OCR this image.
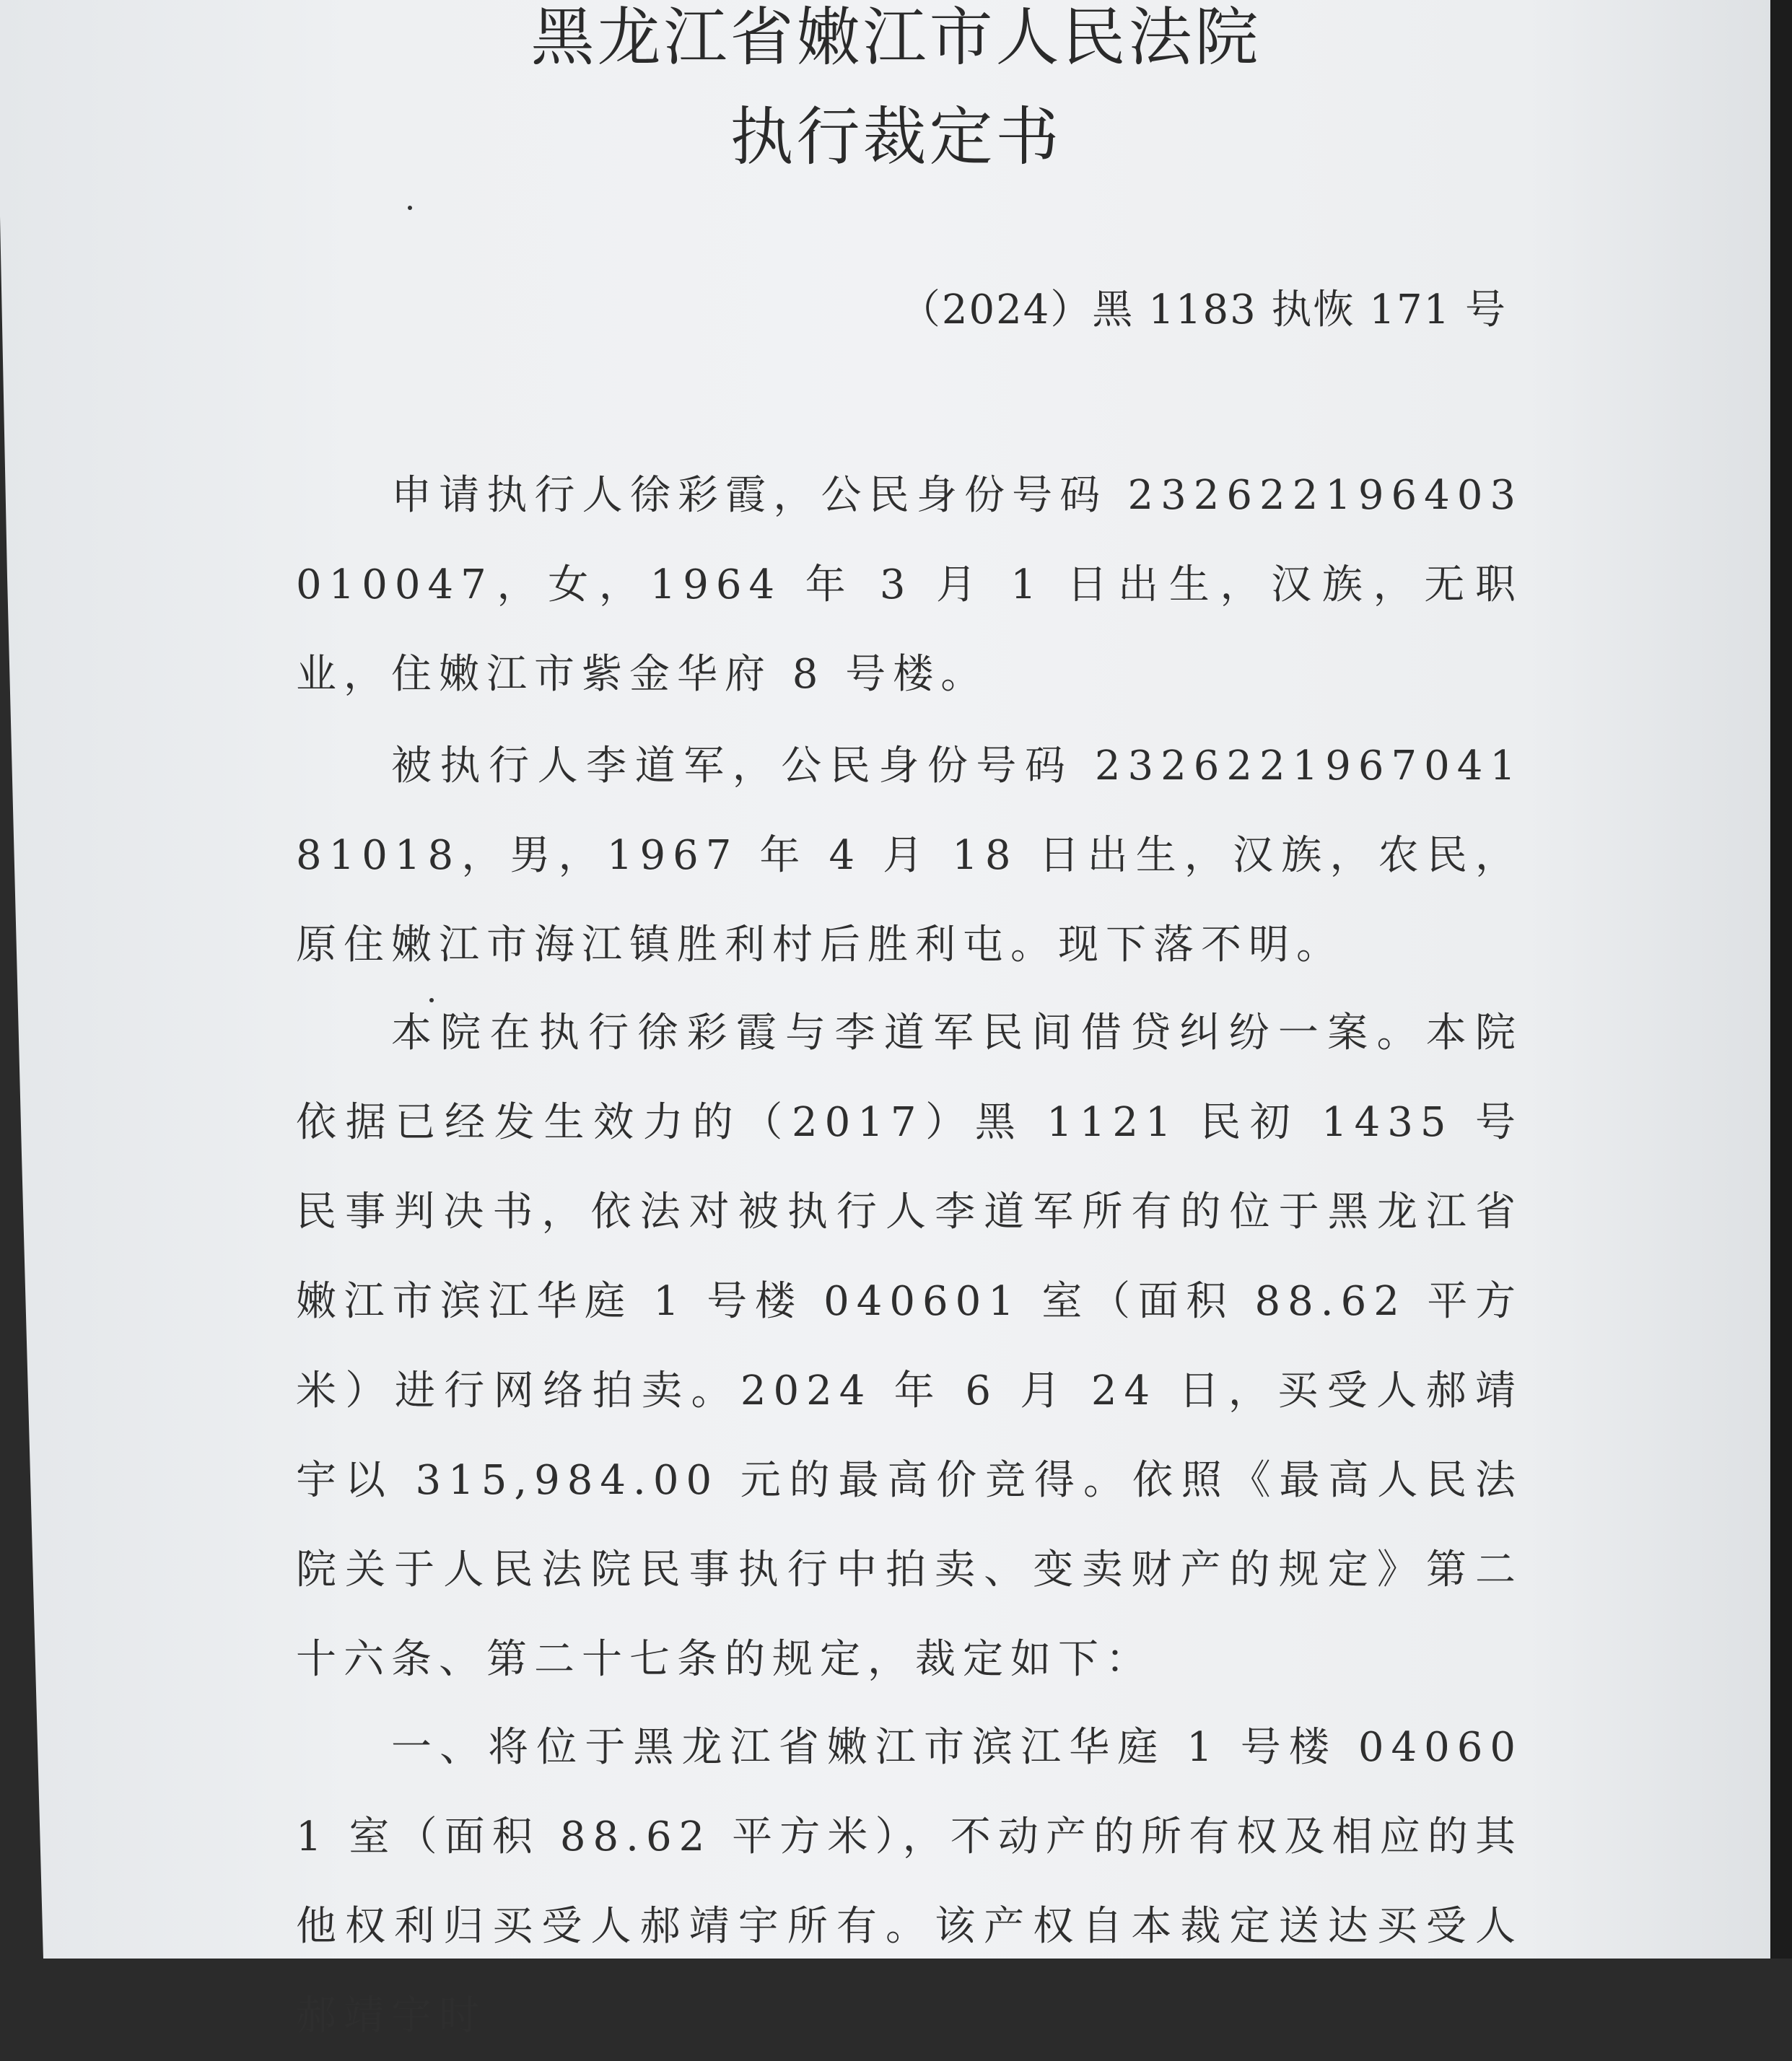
黑龙江省嫩江市人民法院
执行裁定书
（2024）黑 1183 执恢 171 号

申请执行人徐彩霞，公民身份号码 232622196403010047，女，1964 年 3 月 1 日出生，汉族，无职业，住嫩江市紫金华府 8 号楼。

被执行人李道军，公民身份号码 232622196704181018，男，1967 年 4 月 18 日出生，汉族，农民，原住嫩江市海江镇胜利村后胜利屯。现下落不明。

本院在执行徐彩霞与李道军民间借贷纠纷一案。本院依据已经发生效力的（2017）黑 1121 民初 1435 号民事判决书，依法对被执行人李道军所有的位于黑龙江省嫩江市滨江华庭 1 号楼 040601 室（面积 88.62 平方米）进行网络拍卖。2024 年 6 月 24 日，买受人郝靖宇以 315,984.00 元的最高价竞得。依照《最高人民法院关于人民法院民事执行中拍卖、变卖财产的规定》第二十六条、第二十七条的规定，裁定如下：

一、将位于黑龙江省嫩江市滨江华庭 1 号楼 040601 室（面积 88.62 平方米），不动产的所有权及相应的其他权利归买受人郝靖宇所有。该产权自本裁定送达买受人郝靖宇时
